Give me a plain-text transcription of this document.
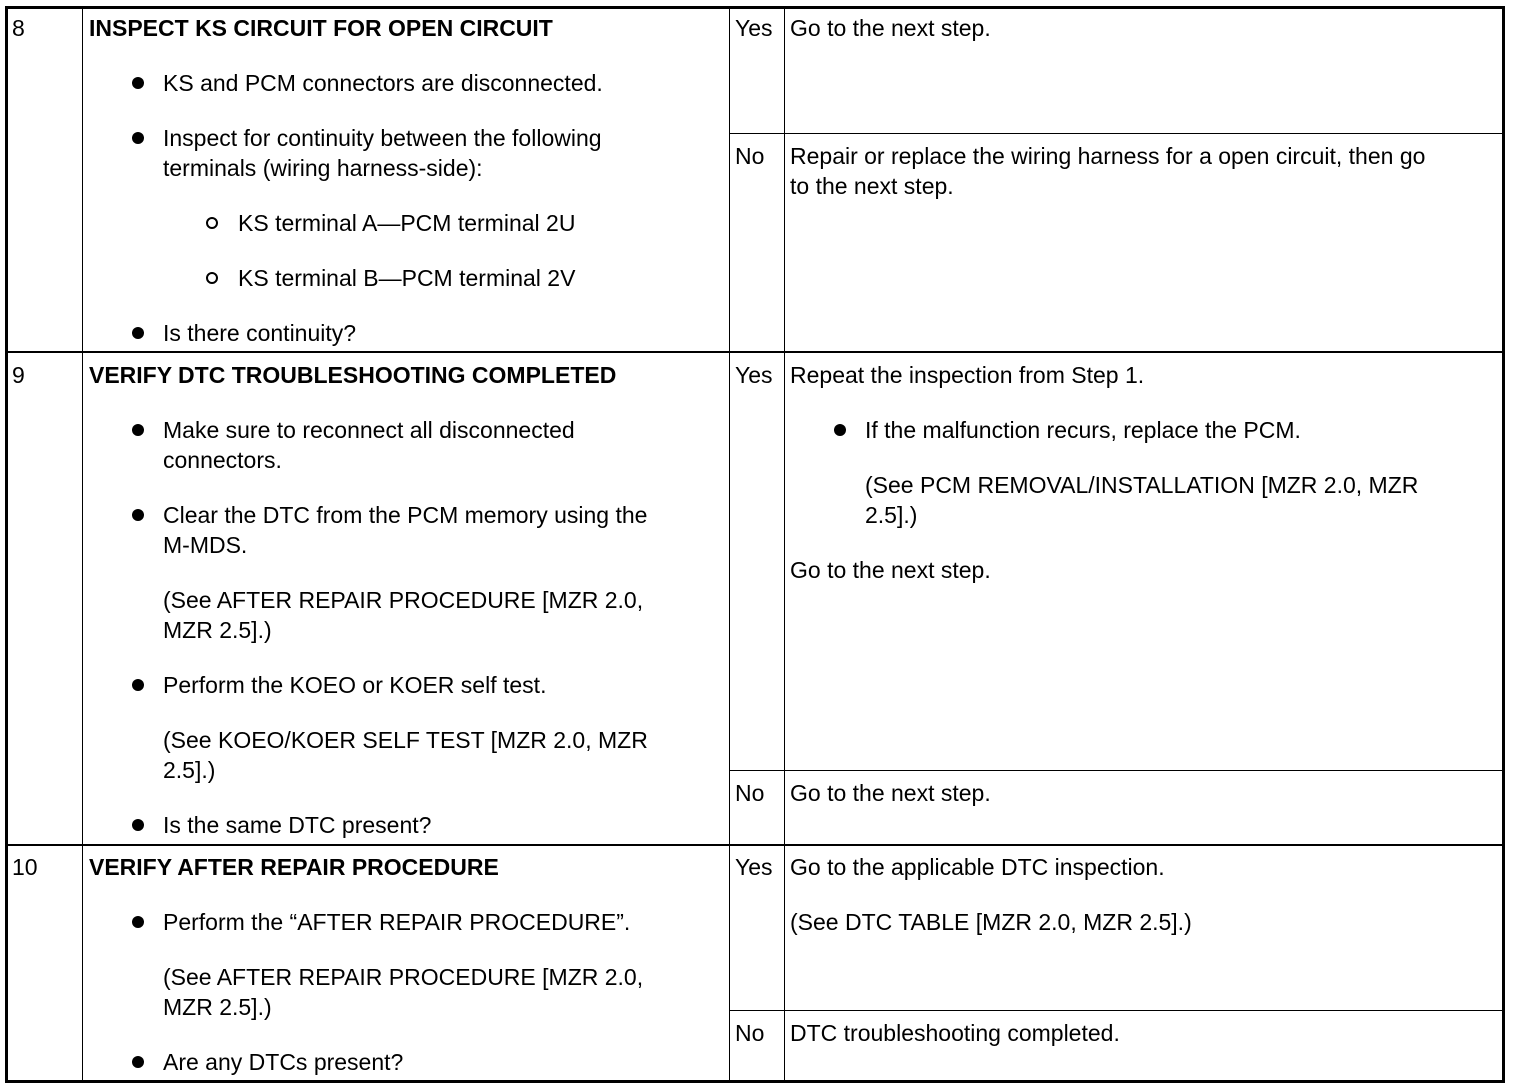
8	INSPECT KS CIRCUIT FOR OPEN CIRCUIT
KS and PCM connectors are disconnected.
Inspect for continuity between the following
terminals (wiring harness-side):
KS terminal A—PCM terminal 2U
KS terminal B—PCM terminal 2V
Is there continuity?
Yes Go to the next step.
No Repair or replace the wiring harness for a open circuit, then go
to the next step.
9	VERIFY DTC TROUBLESHOOTING COMPLETED
Make sure to reconnect all disconnected
connectors.
Clear the DTC from the PCM memory using the
M-MDS.
(See AFTER REPAIR PROCEDURE [MZR 2.0,
MZR 2.5].)
Perform the KOEO or KOER self test.
(See KOEO/KOER SELF TEST [MZR 2.0, MZR
2.5].)
Is the same DTC present?
Yes Repeat the inspection from Step 1.
If the malfunction recurs, replace the PCM.
(See PCM REMOVAL/INSTALLATION [MZR 2.0, MZR
2.5].)
Go to the next step.
No Go to the next step.
10 VERIFY AFTER REPAIR PROCEDURE
Perform the “AFTER REPAIR PROCEDURE”.
(See AFTER REPAIR PROCEDURE [MZR 2.0,
MZR 2.5].)
Are any DTCs present?
Yes Go to the applicable DTC inspection.
(See DTC TABLE [MZR 2.0, MZR 2.5].)
No DTC troubleshooting completed.
